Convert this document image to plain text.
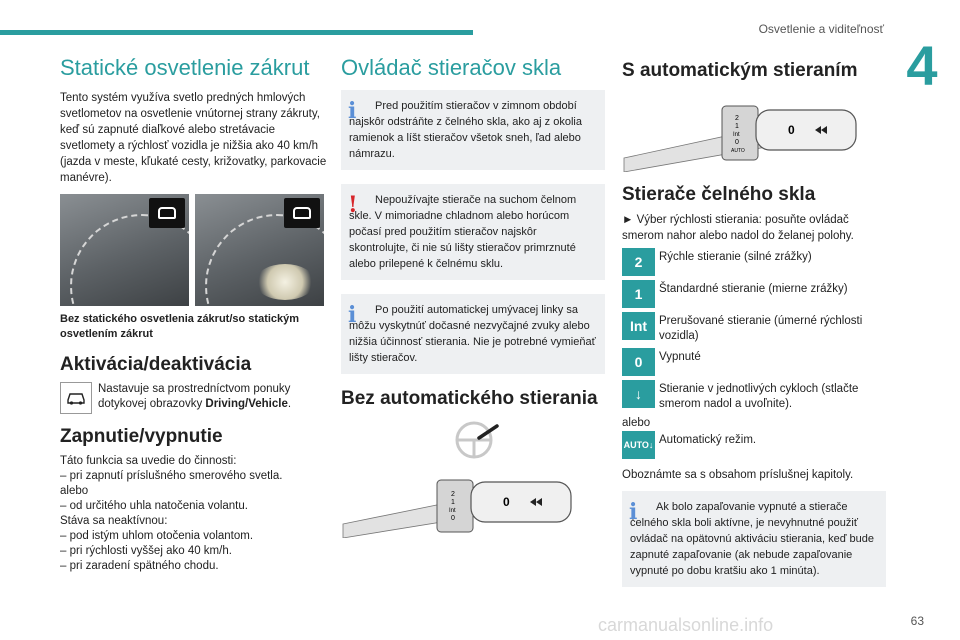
Osvetlenie a viditeľnosť
4
Statické osvetlenie zákrut

Tento systém využíva svetlo predných hmlových svetlometov na osvetlenie vnútornej strany zákruty, keď sú zapnuté diaľkové alebo stretávacie svetlomety a rýchlosť vozidla je nižšia ako 40 km/h (jazda v meste, kľukaté cesty, križovatky, parkovacie manévre).

Bez statického osvetlenia zákrut/so statickým osvetlením zákrut
Aktivácia/deaktivácia
Nastavuje sa prostredníctvom ponuky dotykovej obrazovky Driving/Vehicle.
Zapnutie/vypnutie
Táto funkcia sa uvedie do činnosti:
– pri zapnutí príslušného smerového svetla.
alebo
– od určitého uhla natočenia volantu.
Stáva sa neaktívnou:
– pod istým uhlom otočenia volantom.
– pri rýchlosti vyššej ako 40 km/h.
– pri zaradení spätného chodu.
Ovládač stieračov skla
i	Pred použitím stieračov v zimnom období najskôr odstráňte z čelného skla, ako aj z okolia ramienok a líšt stieračov všetok sneh, ľad alebo námrazu.

!	Nepoužívajte stierače na suchom čelnom skle. V mimoriadne chladnom alebo horúcom počasí pred použitím stieračov najskôr skontrolujte, či nie sú lišty stieračov primrznuté alebo prilepené k čelnému sklu.

i	Po použití automatickej umývacej linky sa môžu vyskytnúť dočasné nezvyčajné zvuky alebo nižšia účinnosť stierania. Nie je potrebné vymieňať lišty stieračov.

Bez automatického stierania
2
1
Int
0
0
S automatickým stieraním
2
1
Int
0
AUTO
0
Stierače čelného skla

► Výber rýchlosti stierania: posuňte ovládač smerom nahor alebo nadol do želanej polohy.

2	Rýchle stieranie (silné zrážky)
1	Štandardné stieranie (mierne zrážky)
Int	Prerušované stieranie (úmerné rýchlosti vozidla)
0	Vypnuté
↓	Stieranie v jednotlivých cykloch (stlačte smerom nadol a uvoľnite).
alebo
AUTO↓ Automatický režim.

Oboznámte sa s obsahom príslušnej kapitoly.

i	Ak bolo zapaľovanie vypnuté a stierače čelného skla boli aktívne, je nevyhnutné použiť ovládač na opätovnú aktiváciu stierania, keď bude zapnuté zapaľovanie (ak nebude zapaľovanie vypnuté po dobu kratšiu ako 1 minúta).

carmanualsonline.info	63
